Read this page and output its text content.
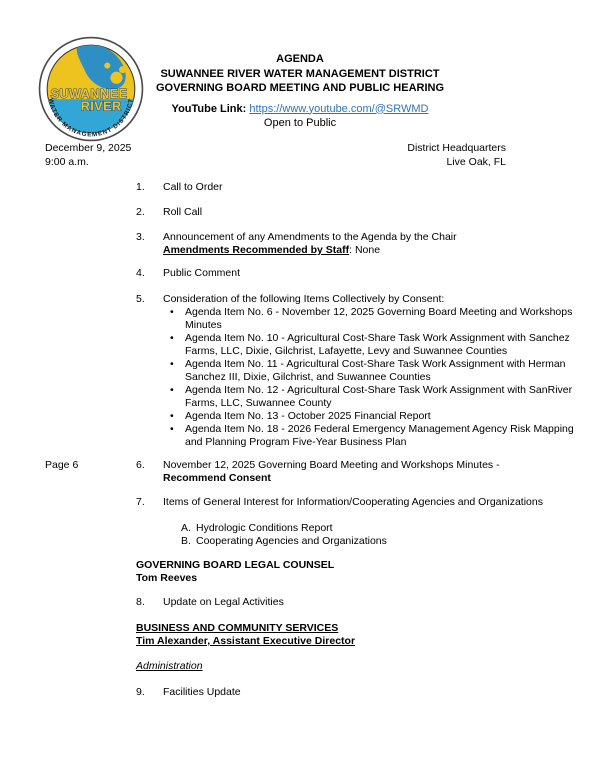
SUWANNEE
RIVER
WATER MANAGEMENT DISTRICT
AGENDA
SUWANNEE RIVER WATER MANAGEMENT DISTRICT
GOVERNING BOARD MEETING AND PUBLIC HEARING
YouTube Link: https://www.youtube.com/@SRWMD
Open to Public
December 9, 2025
9:00 a.m.
District Headquarters
Live Oak, FL
1.	Call to Order
2.	Roll Call
3.	Announcement of any Amendments to the Agenda by the Chair
Amendments Recommended by Staff: None
4.	Public Comment
5.	Consideration of the following Items Collectively by Consent:
• Agenda Item No. 6 - November 12, 2025 Governing Board Meeting and Workshops Minutes
• Agenda Item No. 10 - Agricultural Cost-Share Task Work Assignment with Sanchez Farms, LLC, Dixie, Gilchrist, Lafayette, Levy and Suwannee Counties
• Agenda Item No. 11 - Agricultural Cost-Share Task Work Assignment with Herman Sanchez III, Dixie, Gilchrist, and Suwannee Counties
• Agenda Item No. 12 - Agricultural Cost-Share Task Work Assignment with SanRiver Farms, LLC, Suwannee County
• Agenda Item No. 13 - October 2025 Financial Report
• Agenda Item No. 18 - 2026 Federal Emergency Management Agency Risk Mapping and Planning Program Five-Year Business Plan
Page 6	6.	November 12, 2025 Governing Board Meeting and Workshops Minutes -
Recommend Consent
7.	Items of General Interest for Information/Cooperating Agencies and Organizations
A. Hydrologic Conditions Report
B. Cooperating Agencies and Organizations
GOVERNING BOARD LEGAL COUNSEL
Tom Reeves
8.	Update on Legal Activities
BUSINESS AND COMMUNITY SERVICES
Tim Alexander, Assistant Executive Director
Administration
9.	Facilities Update
